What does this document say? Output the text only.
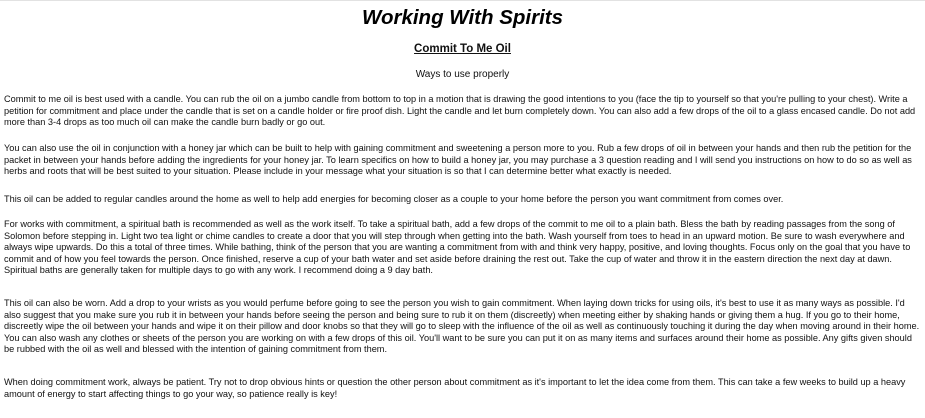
Working With Spirits
Commit To Me Oil

Ways to use properly

Commit to me oil is best used with a candle. You can rub the oil on a jumbo candle from bottom to top in a motion that is drawing the good intentions to you (face the tip to yourself so that you're pulling to your chest). Write a petition for commitment and place under the candle that is set on a candle holder or fire proof dish. Light the candle and let burn completely down. You can also add a few drops of the oil to a glass encased candle. Do not add more than 3-4 drops as too much oil can make the candle burn badly or go out.

You can also use the oil in conjunction with a honey jar which can be built to help with gaining commitment and sweetening a person more to you. Rub a few drops of oil in between your hands and then rub the petition for the packet in between your hands before adding the ingredients for your honey jar. To learn specifics on how to build a honey jar, you may purchase a 3 question reading and I will send you instructions on how to do so as well as herbs and roots that will be best suited to your situation. Please include in your message what your situation is so that I can determine better what exactly is needed.

This oil can be added to regular candles around the home as well to help add energies for becoming closer as a couple to your home before the person you want commitment from comes over.

For works with commitment, a spiritual bath is recommended as well as the work itself. To take a spiritual bath, add a few drops of the commit to me oil to a plain bath. Bless the bath by reading passages from the song of Solomon before stepping in. Light two tea light or chime candles to create a door that you will step through when getting into the bath. Wash yourself from toes to head in an upward motion. Be sure to wash everywhere and always wipe upwards. Do this a total of three times. While bathing, think of the person that you are wanting a commitment from with and think very happy, positive, and loving thoughts. Focus only on the goal that you have to commit and of how you feel towards the person. Once finished, reserve a cup of your bath water and set aside before draining the rest out. Take the cup of water and throw it in the eastern direction the next day at dawn. Spiritual baths are generally taken for multiple days to go with any work. I recommend doing a 9 day bath.

This oil can also be worn. Add a drop to your wrists as you would perfume before going to see the person you wish to gain commitment. When laying down tricks for using oils, it's best to use it as many ways as possible. I'd also suggest that you make sure you rub it in between your hands before seeing the person and being sure to rub it on them (discreetly) when meeting either by shaking hands or giving them a hug. If you go to their home, discreetly wipe the oil between your hands and wipe it on their pillow and door knobs so that they will go to sleep with the influence of the oil as well as continuously touching it during the day when moving around in their home. You can also wash any clothes or sheets of the person you are working on with a few drops of this oil. You'll want to be sure you can put it on as many items and surfaces around their home as possible. Any gifts given should be rubbed with the oil as well and blessed with the intention of gaining commitment from them.

When doing commitment work, always be patient. Try not to drop obvious hints or question the other person about commitment as it's important to let the idea come from them. This can take a few weeks to build up a heavy amount of energy to start affecting things to go your way, so patience really is key!
